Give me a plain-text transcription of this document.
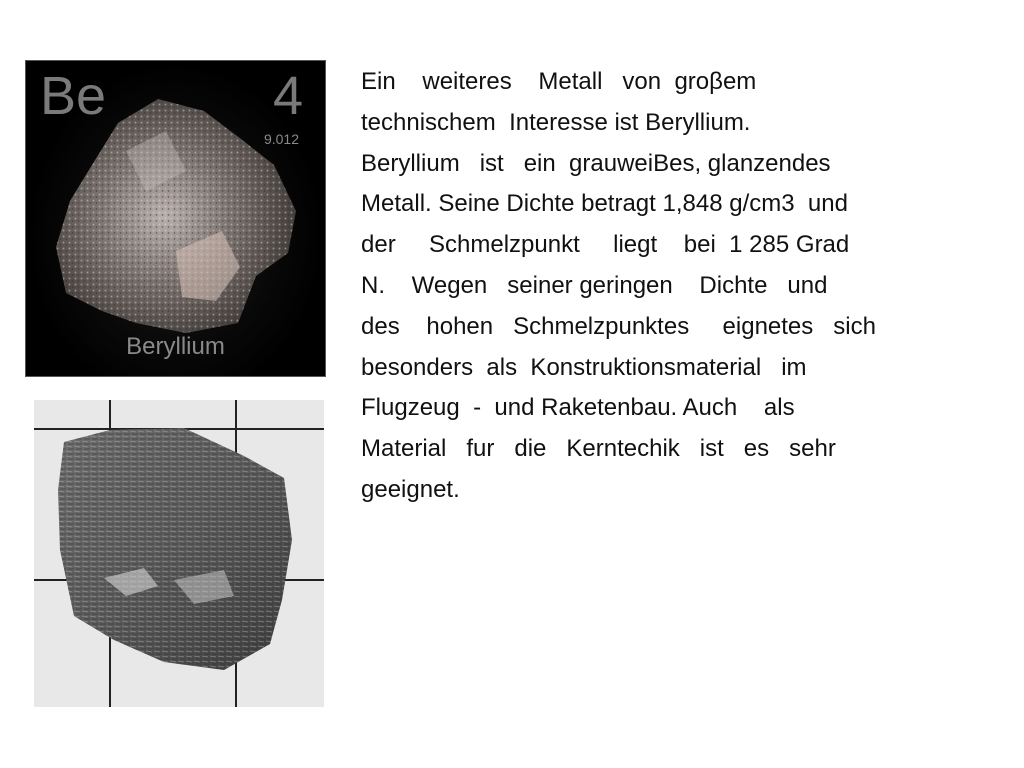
Be	4
9.012
Beryllium
Ein    weiteres    Metall   von  groβem
technischem  Interesse ist Beryllium.
Beryllium   ist   ein  grauweiBes, glanzendes
Metall. Seine Dichte betragt 1,848 g/cm3  und
der     Schmelzpunkt     liegt    bei  1 285 Grad
N.    Wegen   seiner geringen    Dichte   und
des    hohen   Schmelzpunktes     eignetes   sich
besonders  als  Konstruktionsmaterial   im
Flugzeug  -  und Raketenbau. Auch    als
Material   fur   die   Kerntechik   ist   es   sehr
geeignet.
